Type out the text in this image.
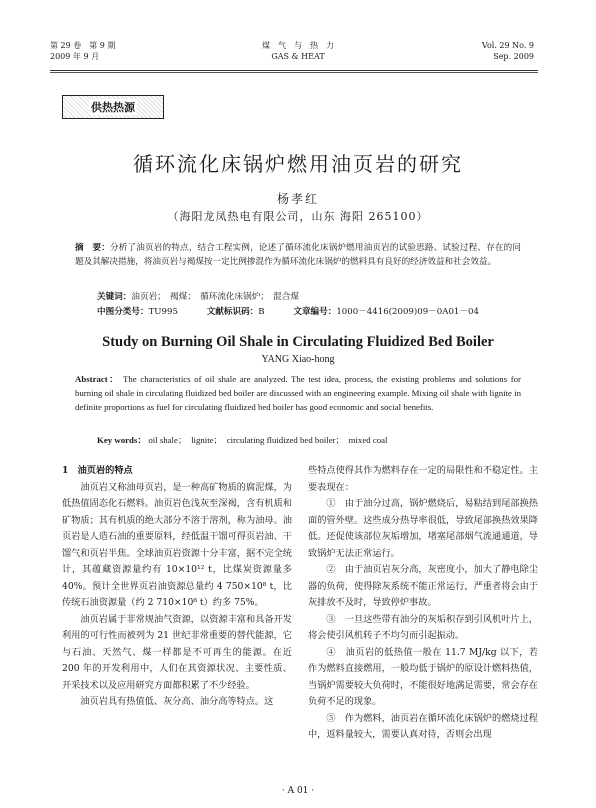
第 29 卷　第 9 期
2009 年 9 月
煤　气　与　热　力
GAS & HEAT
Vol. 29 No. 9
Sep. 2009
供热热源
循环流化床锅炉燃用油页岩的研究
杨孝红
（海阳龙凤热电有限公司，山东 海阳 265100）
摘　要：分析了油页岩的特点，结合工程实例，论述了循环流化床锅炉燃用油页岩的试验思路、试验过程、存在的问题及其解决措施，将油页岩与褐煤按一定比例掺混作为循环流化床锅炉的燃料具有良好的经济效益和社会效益。
关键词：油页岩；　褐煤；　循环流化床锅炉；　混合煤
中图分类号：TU995	文献标识码：B	文章编号：1000－4416(2009)09－0A01－04
Study on Burning Oil Shale in Circulating Fluidized Bed Boiler
YANG Xiao-hong
Abstract： The characteristics of oil shale are analyzed. The test idea, process, the existing problems and solutions for burning oil shale in circulating fluidized bed boiler are discussed with an engineering example. Mixing oil shale with lignite in definite proportions as fuel for circulating fluidized bed boiler has good economic and social benefits.
Key words： oil shale；　lignite；　circulating fluidized bed boiler；　mixed coal

1　油页岩的特点

油页岩又称油母页岩，是一种高矿物质的腐泥煤，为低热值固态化石燃料。油页岩色浅灰至深褐，含有机质和矿物质；其有机质的绝大部分不溶于溶剂，称为油母。油页岩是人造石油的重要原料，经低温干馏可得页岩油、干馏气和页岩半焦。全球油页岩资源十分丰富，据不完全统计，其蕴藏资源量约有 10×10¹² t，比煤炭资源量多 40%。预计全世界页岩油资源总量约 4 750×10⁸ t，比传统石油资源量（约 2 710×10⁸ t）约多 75%。

油页岩属于非常规油气资源，以资源丰富和具备开发利用的可行性而被列为 21 世纪非常重要的替代能源，它与石油、天然气、煤一样都是不可再生的能源。在近 200 年的开发利用中，人们在其资源状况、主要性质、开采技术以及应用研究方面都积累了不少经验。

油页岩具有热值低、灰分高、油分高等特点。这

些特点使得其作为燃料存在一定的局限性和不稳定性。主要表现在：

①　由于油分过高，锅炉燃烧后，易粘结到尾部换热面的管外壁。这些成分热导率很低，导致尾部换热效果降低。还促使该部位灰垢增加，堵塞尾部烟气流通通道，导致锅炉无法正常运行。

②　由于油页岩灰分高，灰密度小，加大了静电除尘器的负荷，使得除灰系统不能正常运行，严重者将会由于灰排放不及时，导致停炉事故。

③　一旦这些带有油分的灰垢积存到引风机叶片上，将会使引风机转子不均匀而引起振动。

④　油页岩的低热值一般在 11.7 MJ/kg 以下，若作为燃料直接燃用，一般均低于锅炉的原设计燃料热值，当锅炉需要较大负荷时，不能很好地满足需要，常会存在负荷不足的现象。

⑤　作为燃料，油页岩在循环流化床锅炉的燃烧过程中，返料量较大，需要认真对待，否则会出现

· A 01 ·
